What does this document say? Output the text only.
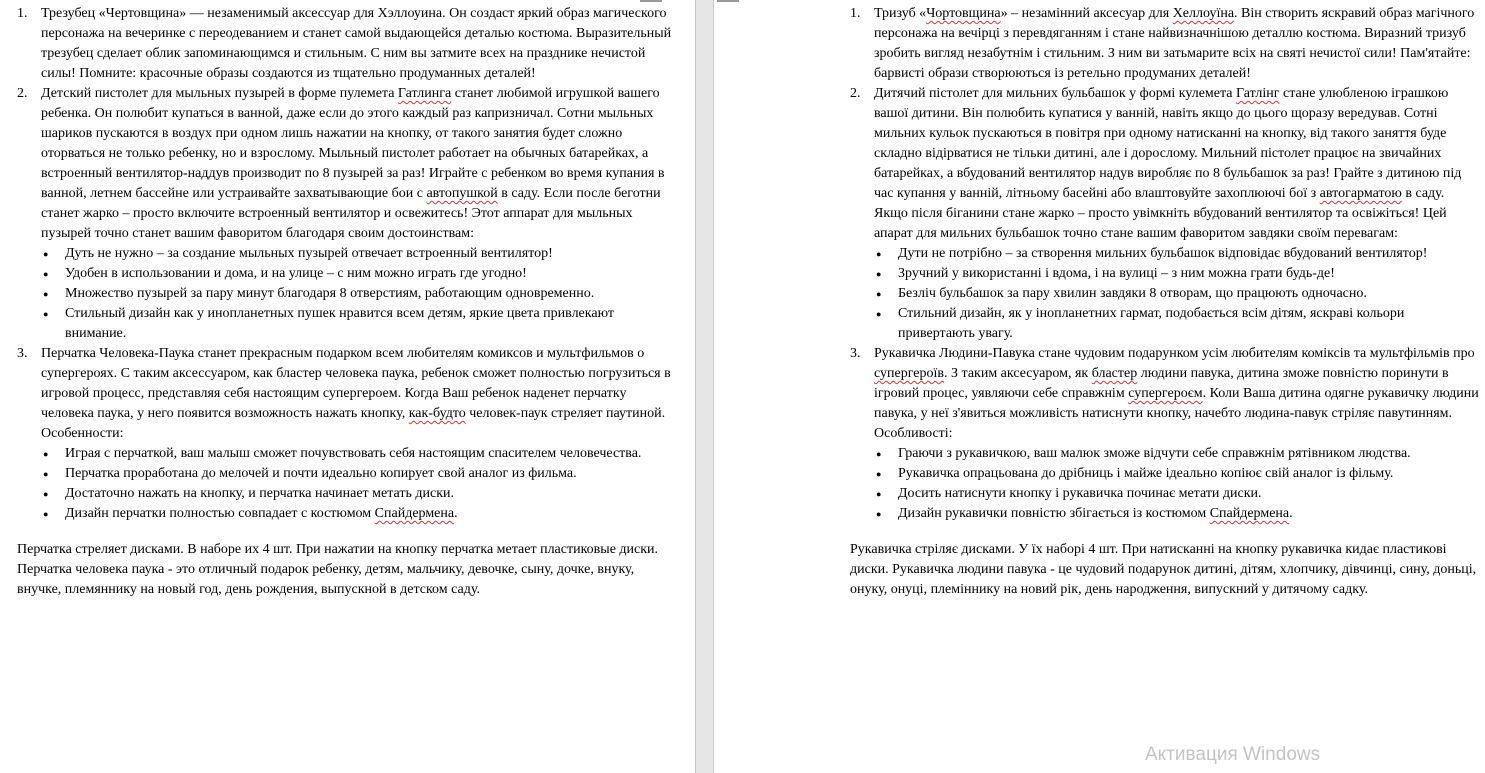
1. Трезубец «Чертовщина» — незаменимый аксессуар для Хэллоуина. Он создаст яркий образ магического персонажа на вечеринке с переодеванием и станет самой выдающейся деталью костюма. Выразительный трезубец сделает облик запоминающимся и стильным. С ним вы затмите всех на празднике нечистой силы! Помните: красочные образы создаются из тщательно продуманных деталей!
2. Детский пистолет для мыльных пузырей в форме пулемета Гатлинга станет любимой игрушкой вашего ребенка. Он полюбит купаться в ванной, даже если до этого каждый раз капризничал. Сотни мыльных шариков пускаются в воздух при одном лишь нажатии на кнопку, от такого занятия будет сложно оторваться не только ребенку, но и взрослому. Мыльный пистолет работает на обычных батарейках, а встроенный вентилятор-наддув производит по 8 пузырей за раз! Играйте с ребенком во время купания в ванной, летнем бассейне или устраивайте захватывающие бои с автопушкой в саду. Если после беготни станет жарко – просто включите встроенный вентилятор и освежитесь! Этот аппарат для мыльных пузырей точно станет вашим фаворитом благодаря своим достоинствам:
● Дуть не нужно – за создание мыльных пузырей отвечает встроенный вентилятор!
● Удобен в использовании и дома, и на улице – с ним можно играть где угодно!
● Множество пузырей за пару минут благодаря 8 отверстиям, работающим одновременно.
● Стильный дизайн как у инопланетных пушек нравится всем детям, яркие цвета привлекают внимание.
3. Перчатка Человека-Паука станет прекрасным подарком всем любителям комиксов и мультфильмов о супергероях. С таким аксессуаром, как бластер человека паука, ребенок сможет полностью погрузиться в игровой процесс, представляя себя настоящим супергероем. Когда Ваш ребенок наденет перчатку человека паука, у него появится возможность нажать кнопку, как-будто человек-паук стреляет паутиной. Особенности:
● Играя с перчаткой, ваш малыш сможет почувствовать себя настоящим спасителем человечества.
● Перчатка проработана до мелочей и почти идеально копирует свой аналог из фильма.
● Достаточно нажать на кнопку, и перчатка начинает метать диски.
● Дизайн перчатки полностью совпадает с костюмом Спайдермена.

Перчатка стреляет дисками. В наборе их 4 шт. При нажатии на кнопку перчатка метает пластиковые диски. Перчатка человека паука - это отличный подарок ребенку, детям, мальчику, девочке, сыну, дочке, внуку, внучке, племяннику на новый год, день рождения, выпускной в детском саду.

1. Тризуб «Чортовщина» – незамінний аксесуар для Хеллоуїна. Він створить яскравий образ магічного персонажа на вечірці з перевдяганням і стане найвизначнішою деталлю костюма. Виразний тризуб зробить вигляд незабутнім і стильним. З ним ви затьмарите всіх на святі нечистої сили! Пам'ятайте: барвисті образи створюються із ретельно продуманих деталей!
2. Дитячий пістолет для мильних бульбашок у формі кулемета Гатлінг стане улюбленою іграшкою вашої дитини. Він полюбить купатися у ванній, навіть якщо до цього щоразу вередував. Сотні мильних кульок пускаються в повітря при одному натисканні на кнопку, від такого заняття буде складно відірватися не тільки дитині, але і дорослому. Мильний пістолет працює на звичайних батарейках, а вбудований вентилятор надув виробляє по 8 бульбашок за раз! Грайте з дитиною під час купання у ванній, літньому басейні або влаштовуйте захоплюючі бої з автогарматою в саду. Якщо після біганини стане жарко – просто увімкніть вбудований вентилятор та освіжіться! Цей апарат для мильних бульбашок точно стане вашим фаворитом завдяки своїм перевагам:
● Дути не потрібно – за створення мильних бульбашок відповідає вбудований вентилятор!
● Зручний у використанні і вдома, і на вулиці – з ним можна грати будь-де!
● Безліч бульбашок за пару хвилин завдяки 8 отворам, що працюють одночасно.
● Стильний дизайн, як у інопланетних гармат, подобається всім дітям, яскраві кольори привертають увагу.
3. Рукавичка Людини-Павука стане чудовим подарунком усім любителям коміксів та мультфільмів про супергероїв. З таким аксесуаром, як бластер людини павука, дитина зможе повністю поринути в ігровий процес, уявляючи себе справжнім супергероєм. Коли Ваша дитина одягне рукавичку людини павука, у неї з'явиться можливість натиснути кнопку, начебто людина-павук стріляє павутинням. Особливості:
● Граючи з рукавичкою, ваш малюк зможе відчути себе справжнім рятівником людства.
● Рукавичка опрацьована до дрібниць і майже ідеально копіює свій аналог із фільму.
● Досить натиснути кнопку і рукавичка починає метати диски.
● Дизайн рукавички повністю збігається із костюмом Спайдермена.

Рукавичка стріляє дисками. У їх наборі 4 шт. При натисканні на кнопку рукавичка кидає пластикові диски. Рукавичка людини павука - це чудовий подарунок дитині, дітям, хлопчику, дівчинці, сину, доньці, онуку, онуці, племіннику на новий рік, день народження, випускний у дитячому садку.

Активация Windows
